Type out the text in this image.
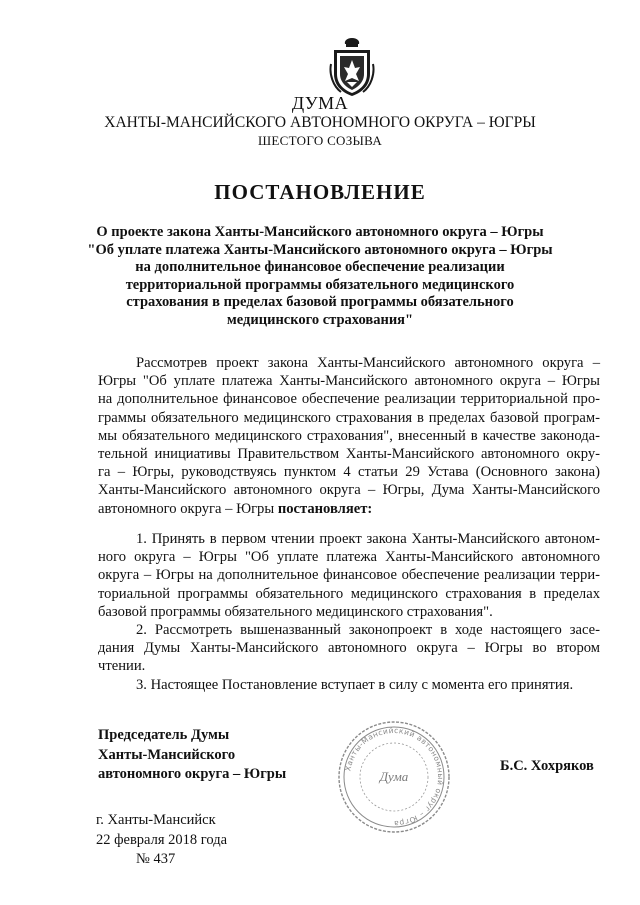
ДУМА
ХАНТЫ-МАНСИЙСКОГО АВТОНОМНОГО ОКРУГА – ЮГРЫ
ШЕСТОГО СОЗЫВА
ПОСТАНОВЛЕНИЕ
О проекте закона Ханты-Мансийского автономного округа – Югры
"Об уплате платежа Ханты-Мансийского автономного округа – Югры
на дополнительное финансовое обеспечение реализации
территориальной программы обязательного медицинского
страхования в пределах базовой программы обязательного
медицинского страхования"
Рассмотрев проект закона Ханты-Мансийского автономного округа –
Югры "Об уплате платежа Ханты-Мансийского автономного округа – Югры
на дополнительное финансовое обеспечение реализации территориальной про-
граммы обязательного медицинского страхования в пределах базовой програм-
мы обязательного медицинского страхования", внесенный в качестве законода-
тельной инициативы Правительством Ханты-Мансийского автономного окру-
га – Югры, руководствуясь пунктом 4 статьи 29 Устава (Основного закона)
Ханты-Мансийского автономного округа – Югры, Дума Ханты-Мансийского
автономного округа – Югры постановляет:
1. Принять в первом чтении проект закона Ханты-Мансийского автоном-
ного округа – Югры "Об уплате платежа Ханты-Мансийского автономного
округа – Югры на дополнительное финансовое обеспечение реализации терри-
ториальной программы обязательного медицинского страхования в пределах
базовой программы обязательного медицинского страхования".
2. Рассмотреть вышеназванный законопроект в ходе настоящего засе-
дания Думы Ханты-Мансийского автономного округа – Югры во втором
чтении.
3. Настоящее Постановление вступает в силу с момента его принятия.
Председатель Думы
Ханты-Мансийского
автономного округа – Югры	Ханты-Мансийский автономный округ – Югра
Дума
Б.С. Хохряков
г. Ханты-Мансийск
22 февраля 2018 года
№ 437
